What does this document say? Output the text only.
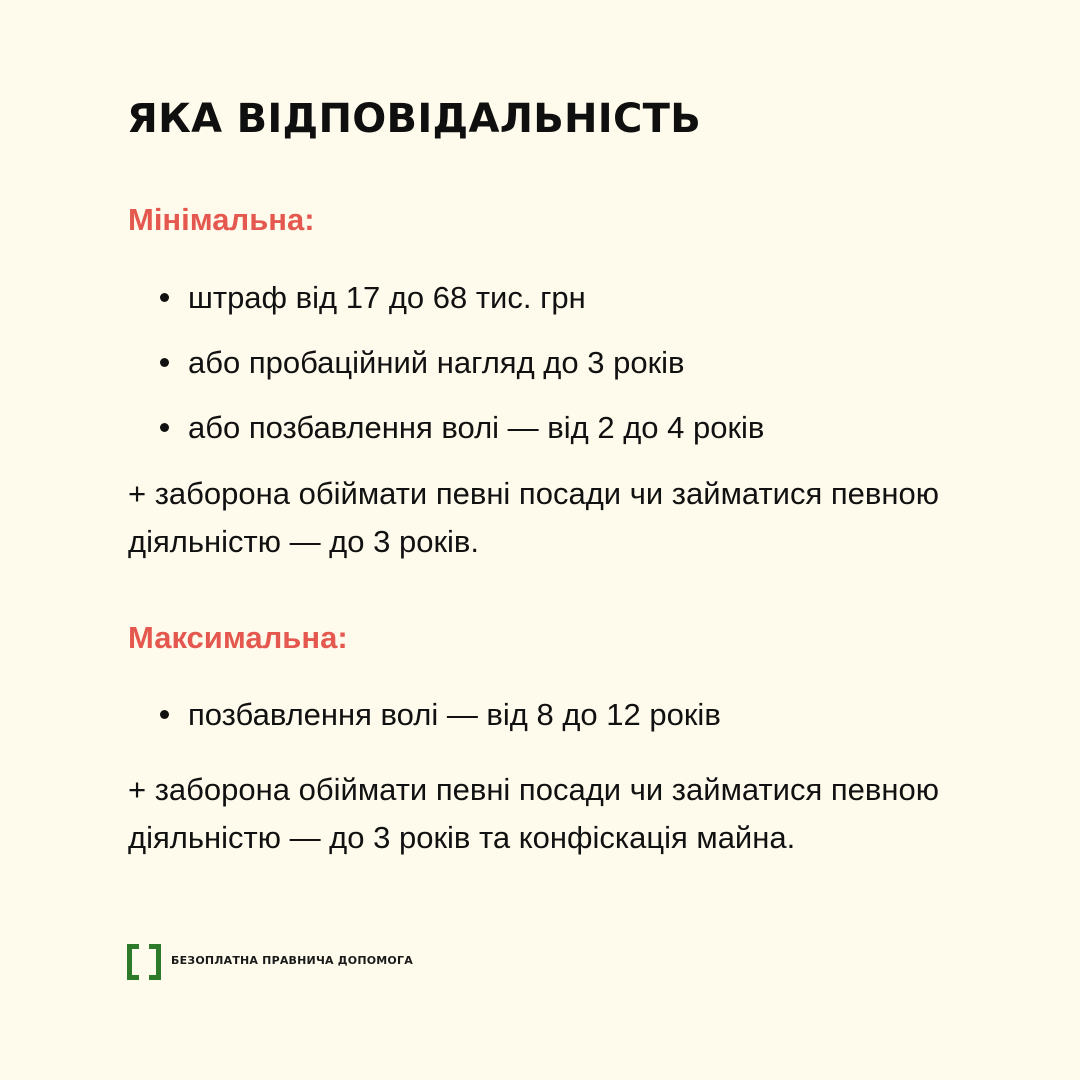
ЯКА ВІДПОВІДАЛЬНІСТЬ
Мінімальна:
штраф від 17 до 68 тис. грн
або пробаційний нагляд до 3 років
або позбавлення волі — від 2 до 4 років

+ заборона обіймати певні посади чи займатися певною діяльністю — до 3 років.

Максимальна:
позбавлення волі — від 8 до 12 років

+ заборона обіймати певні посади чи займатися певною діяльністю — до 3 років та конфіскація майна.

БЕЗОПЛАТНА ПРАВНИЧА ДОПОМОГА
